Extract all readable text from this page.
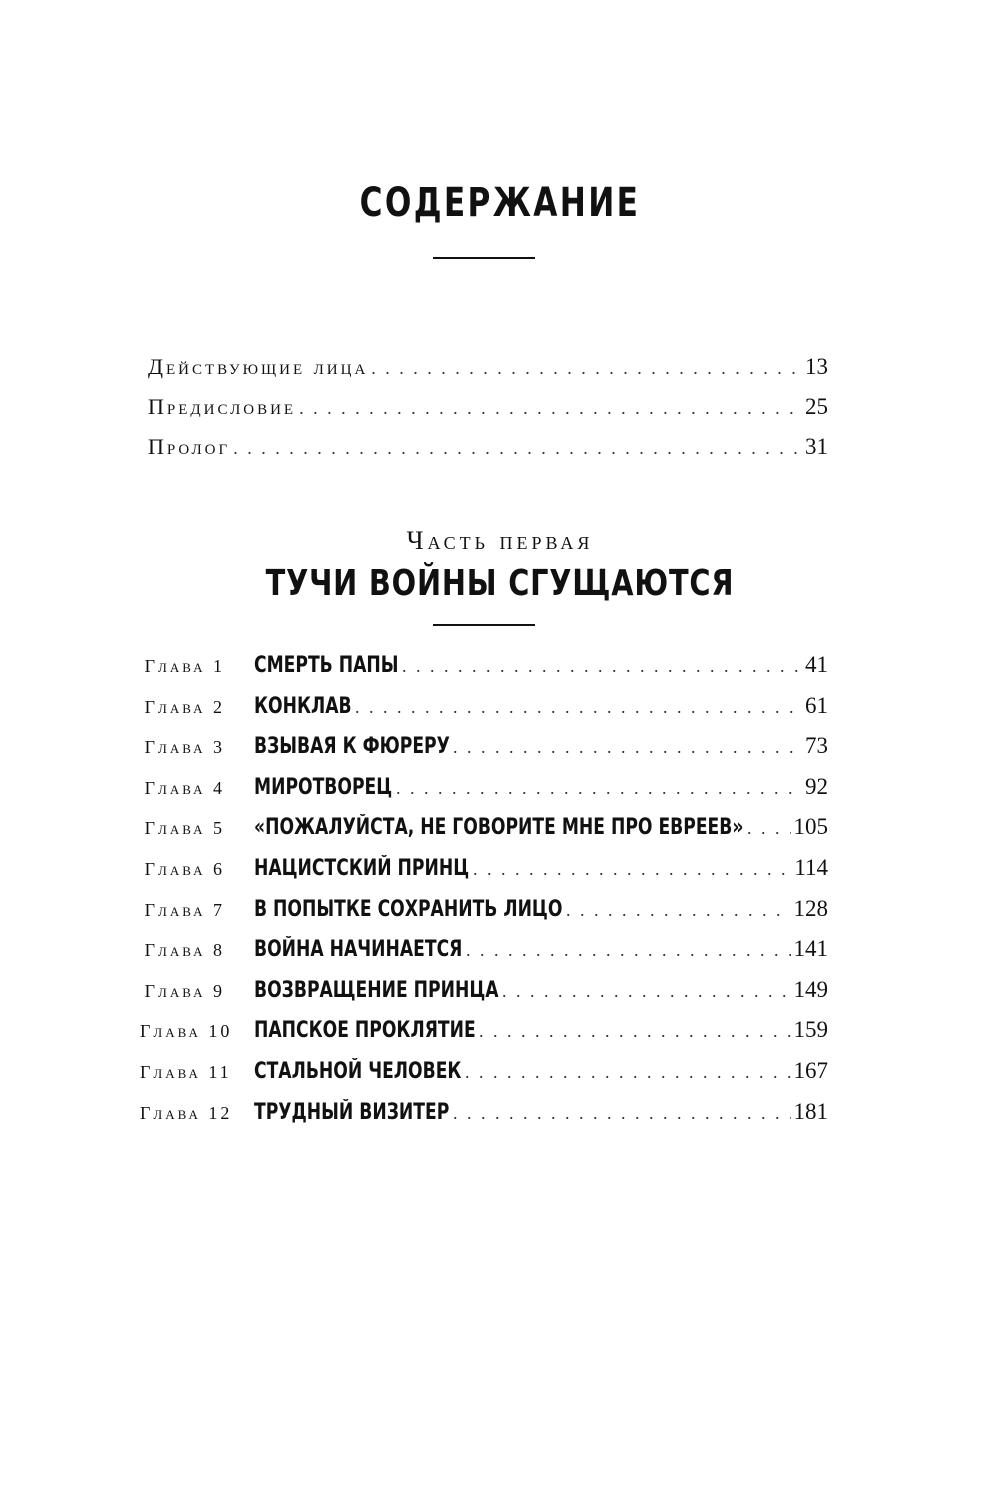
СОДЕРЖАНИЕ
Действующие лица . . .	13
Предисловие . . .	25
Пролог . . .	31
Часть первая
ТУЧИ ВОЙНЫ СГУЩАЮТСЯ
Глава 1	СМЕРТЬ ПАПЫ . . .	41
Глава 2	КОНКЛАВ . . .	61
Глава 3	ВЗЫВАЯ К ФЮРЕРУ . . .	73
Глава 4	МИРОТВОРЕЦ . . .	92
Глава 5	«ПОЖАЛУЙСТА, НЕ ГОВОРИТЕ МНЕ ПРО ЕВРЕЕВ» . . . 105
Глава 6	НАЦИСТСКИЙ ПРИНЦ . . .	114
Глава 7	В ПОПЫТКЕ СОХРАНИТЬ ЛИЦО . . .	128
Глава 8	ВОЙНА НАЧИНАЕТСЯ . . .	141
Глава 9	ВОЗВРАЩЕНИЕ ПРИНЦА . . .	149
Глава 10 ПАПСКОЕ ПРОКЛЯТИЕ . . .	159
Глава 11	СТАЛЬНОЙ ЧЕЛОВЕК . . .	167
Глава 12 ТРУДНЫЙ ВИЗИТЕР . . .	181
